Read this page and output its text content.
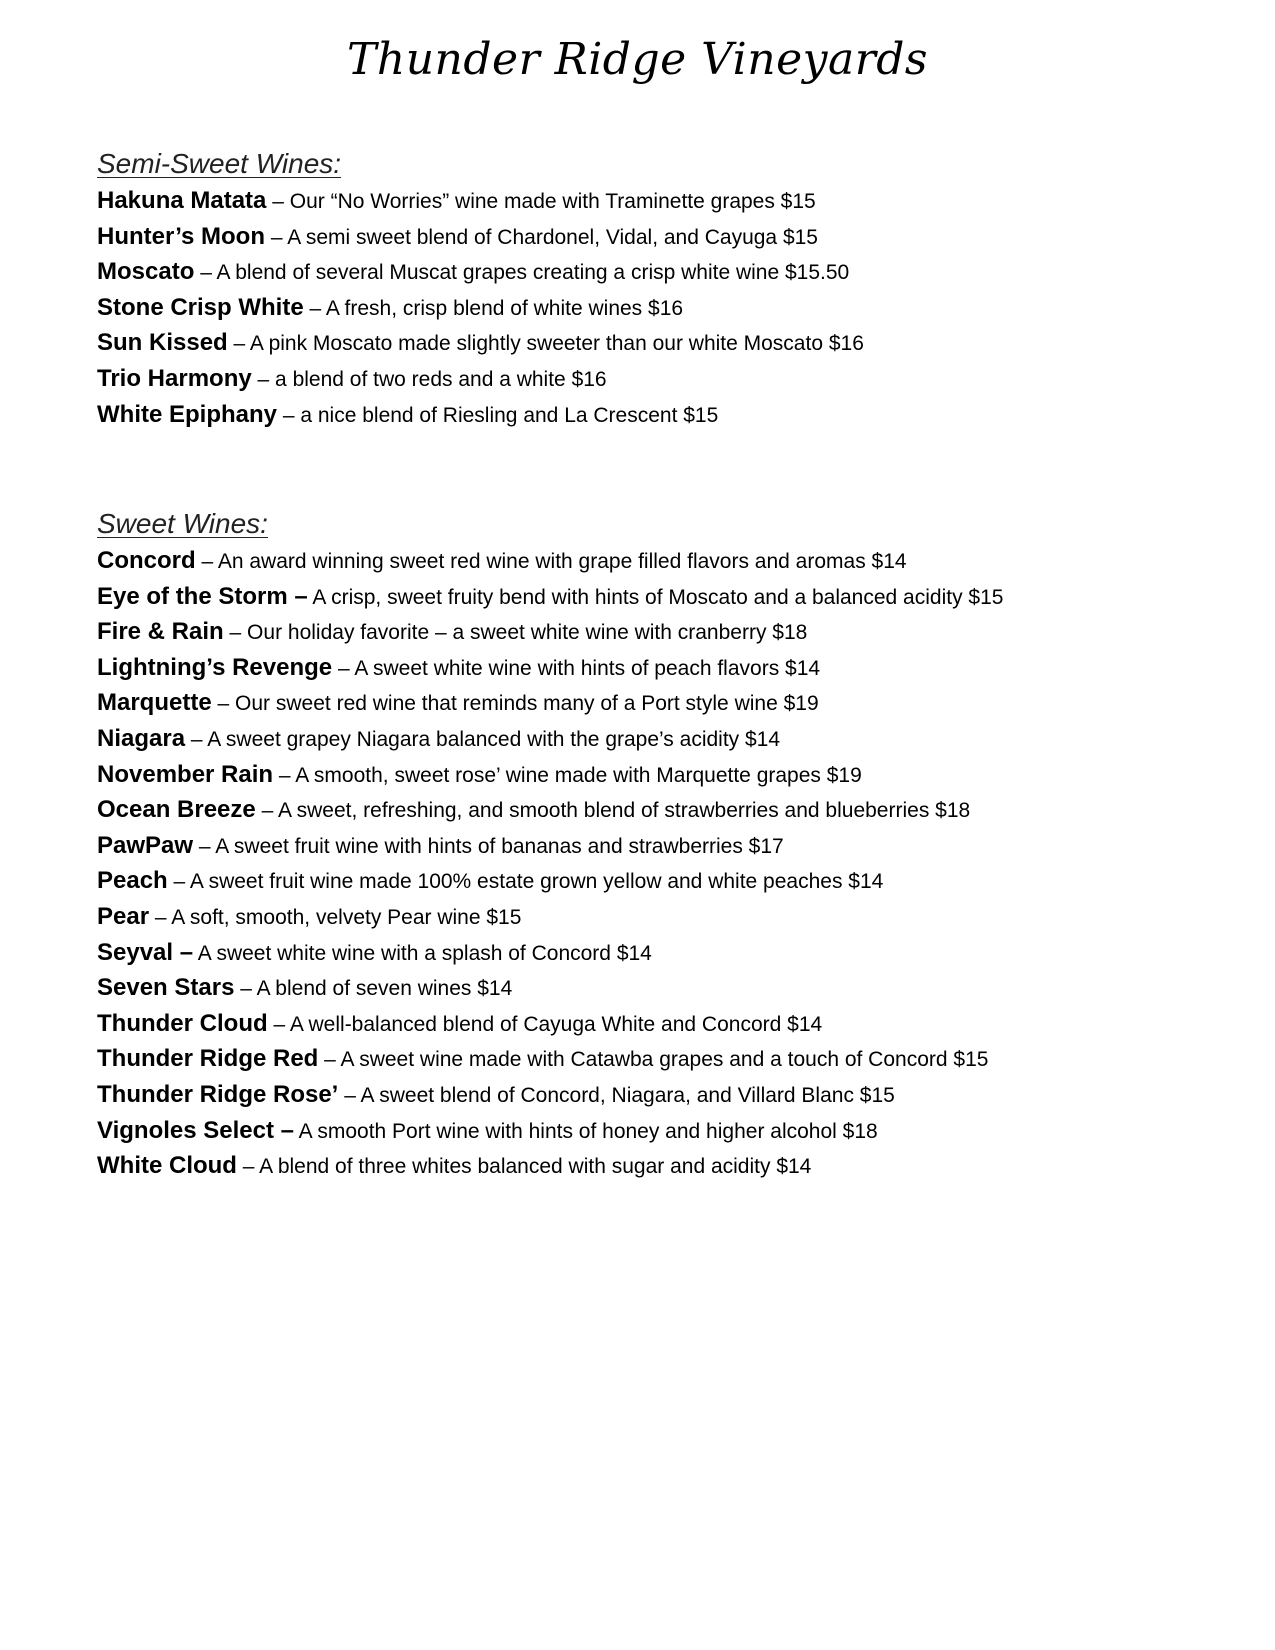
Thunder Ridge Vineyards
Semi-Sweet Wines:
Hakuna Matata – Our “No Worries” wine made with Traminette grapes $15
Hunter’s Moon – A semi sweet blend of Chardonel, Vidal, and Cayuga $15
Moscato – A blend of several Muscat grapes creating a crisp white wine $15.50
Stone Crisp White – A fresh, crisp blend of white wines $16
Sun Kissed – A pink Moscato made slightly sweeter than our white Moscato $16
Trio Harmony – a blend of two reds and a white $16
White Epiphany – a nice blend of Riesling and La Crescent $15
Sweet Wines:
Concord – An award winning sweet red wine with grape filled flavors and aromas $14
Eye of the Storm – A crisp, sweet fruity bend with hints of Moscato and a balanced acidity $15
Fire & Rain – Our holiday favorite – a sweet white wine with cranberry $18
Lightning’s Revenge – A sweet white wine with hints of peach flavors $14
Marquette – Our sweet red wine that reminds many of a Port style wine $19
Niagara – A sweet grapey Niagara balanced with the grape’s acidity $14
November Rain – A smooth, sweet rose’ wine made with Marquette grapes $19
Ocean Breeze – A sweet, refreshing, and smooth blend of strawberries and blueberries $18
PawPaw – A sweet fruit wine with hints of bananas and strawberries $17
Peach – A sweet fruit wine made 100% estate grown yellow and white peaches $14
Pear – A soft, smooth, velvety Pear wine $15
Seyval – A sweet white wine with a splash of Concord $14
Seven Stars – A blend of seven wines $14
Thunder Cloud – A well-balanced blend of Cayuga White and Concord $14
Thunder Ridge Red – A sweet wine made with Catawba grapes and a touch of Concord $15
Thunder Ridge Rose’ – A sweet blend of Concord, Niagara, and Villard Blanc $15
Vignoles Select – A smooth Port wine with hints of honey and higher alcohol $18
White Cloud – A blend of three whites balanced with sugar and acidity $14
